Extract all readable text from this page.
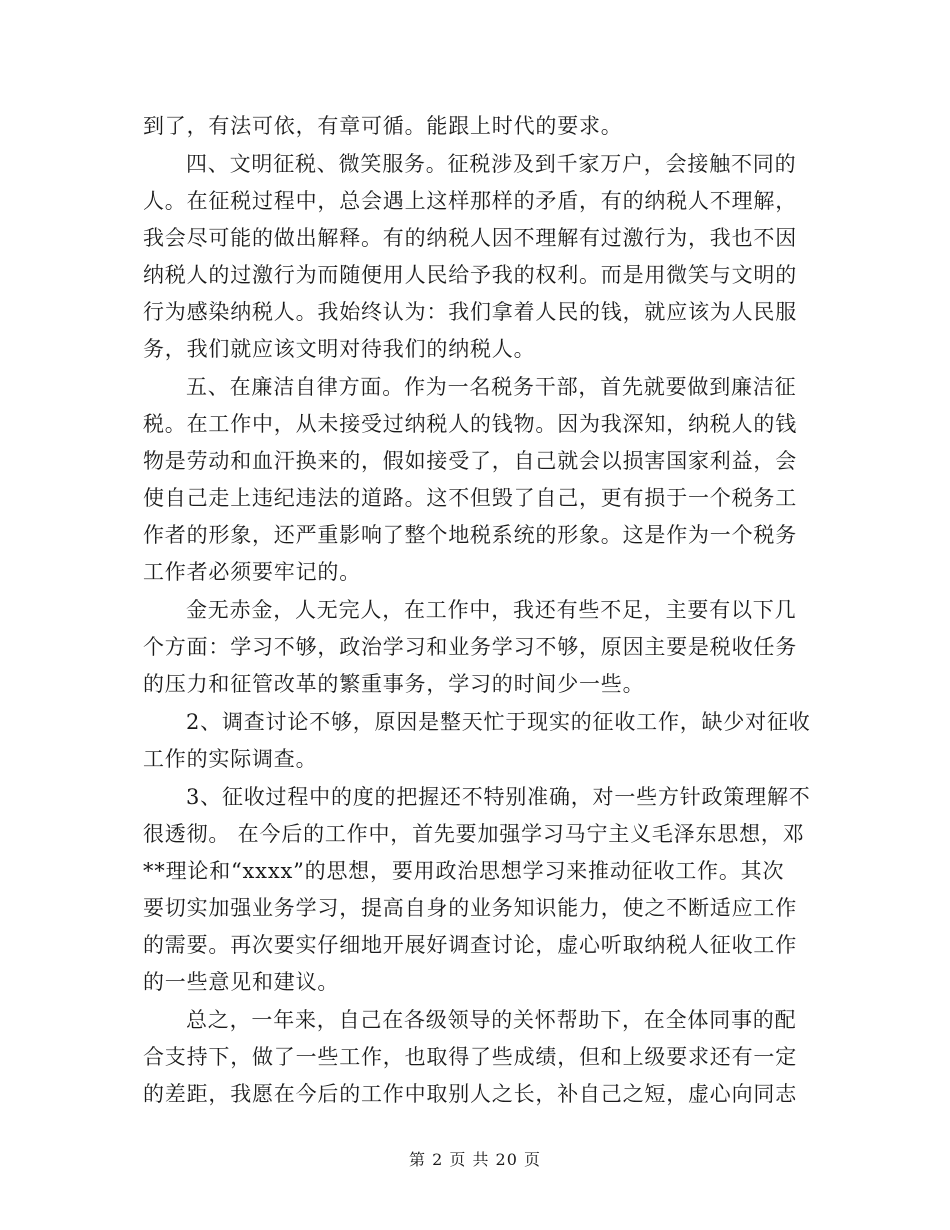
到了，有法可依，有章可循。能跟上时代的要求。
四、文明征税、微笑服务。征税涉及到千家万户，会接触不同的
人。在征税过程中，总会遇上这样那样的矛盾，有的纳税人不理解，
我会尽可能的做出解释。有的纳税人因不理解有过激行为，我也不因
纳税人的过激行为而随便用人民给予我的权利。而是用微笑与文明的
行为感染纳税人。我始终认为：我们拿着人民的钱，就应该为人民服
务，我们就应该文明对待我们的纳税人。
五、在廉洁自律方面。作为一名税务干部，首先就要做到廉洁征
税。在工作中，从未接受过纳税人的钱物。因为我深知，纳税人的钱
物是劳动和血汗换来的，假如接受了，自己就会以损害国家利益，会
使自己走上违纪违法的道路。这不但毁了自己，更有损于一个税务工
作者的形象，还严重影响了整个地税系统的形象。这是作为一个税务
工作者必须要牢记的。
金无赤金，人无完人，在工作中，我还有些不足，主要有以下几
个方面：学习不够，政治学习和业务学习不够，原因主要是税收任务
的压力和征管改革的繁重事务，学习的时间少一些。
2、调查讨论不够，原因是整天忙于现实的征收工作，缺少对征收
工作的实际调查。
3、征收过程中的度的把握还不特别准确，对一些方针政策理解不
很透彻。 在今后的工作中，首先要加强学习马宁主义毛泽东思想，邓
**理论和“xxxx”的思想，要用政治思想学习来推动征收工作。其次
要切实加强业务学习，提高自身的业务知识能力，使之不断适应工作
的需要。再次要实仔细地开展好调查讨论，虚心听取纳税人征收工作
的一些意见和建议。
总之，一年来，自己在各级领导的关怀帮助下，在全体同事的配
合支持下，做了一些工作，也取得了些成绩，但和上级要求还有一定
的差距，我愿在今后的工作中取别人之长，补自己之短，虚心向同志
第 2 页 共 20 页
